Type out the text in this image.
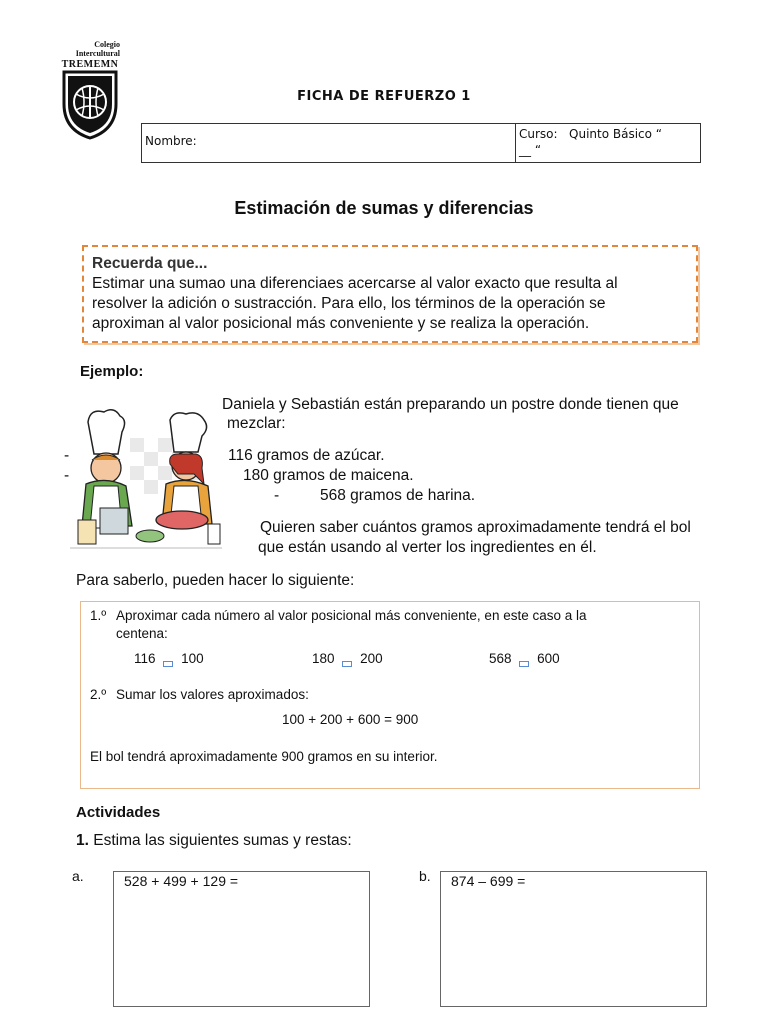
Colegio
Intercultural
TREMEMN
FICHA DE REFUERZO 1
Nombre:	Curso: Quinto Básico “
__ “
Estimación de sumas y diferencias
Recuerda que...
Estimar una sumao una diferenciaes acercarse al valor exacto que resulta al
resolver la adición o sustracción. Para ello, los términos de la operación se
aproximan al valor posicional más conveniente y se realiza la operación.
Ejemplo:
Daniela y Sebastián están preparando un postre donde tienen que
mezclar:
-	116 gramos de azúcar.
-	180 gramos de maicena.
-	568 gramos de harina.
Quieren saber cuántos gramos aproximadamente tendrá el bol
que están usando al verter los ingredientes en él.
Para saberlo, pueden hacer lo siguiente:
1.º Aproximar cada número al valor posicional más conveniente, en este caso a la
centena:
116 100	180 200	568 600
2.º Sumar los valores aproximados:
100 + 200 + 600 = 900
El bol tendrá aproximadamente 900 gramos en su interior.
Actividades
1. Estima las siguientes sumas y restas:
a.	528 + 499 + 129 =	b.	874 – 699 =
